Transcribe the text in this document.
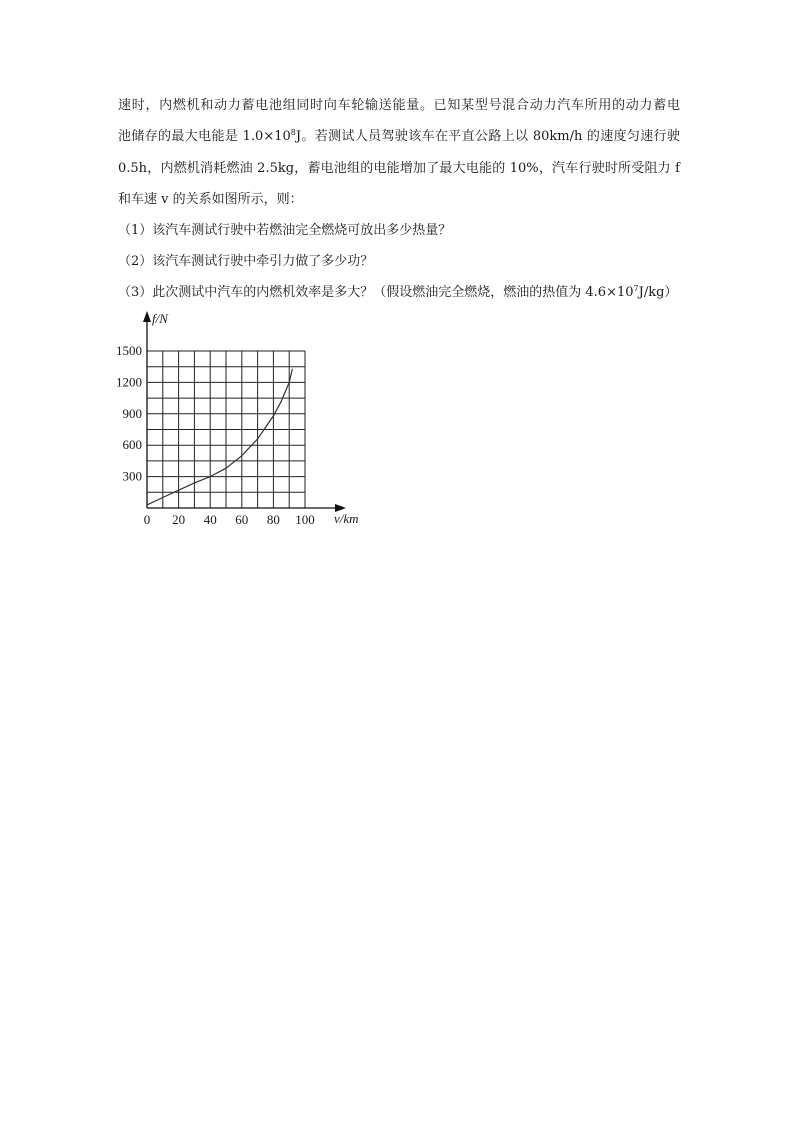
速时，内燃机和动力蓄电池组同时向车轮输送能量。已知某型号混合动力汽车所用的动力蓄电
池储存的最大电能是 $1.0\times 10^8J$。若测试人员驾驶该车在平直公路上以 80km/h 的速度匀速行驶
0.5h，内燃机消耗燃油 2.5kg，蓄电池组的电能增加了最大电能的 10%，汽车行驶时所受阻力 f
和车速 v 的关系如图所示，则：
（1）该汽车测试行驶中若燃油完全燃烧可放出多少热量？
（2）该汽车测试行驶中牵引力做了多少功？
（3）此次测试中汽车的内燃机效率是多大？（假设燃油完全燃烧，燃油的热值为 $4.6\times 10^7J/kg$）
0 20 40 60 80 100
300
600
900
1200
1500
v/km
f/N
